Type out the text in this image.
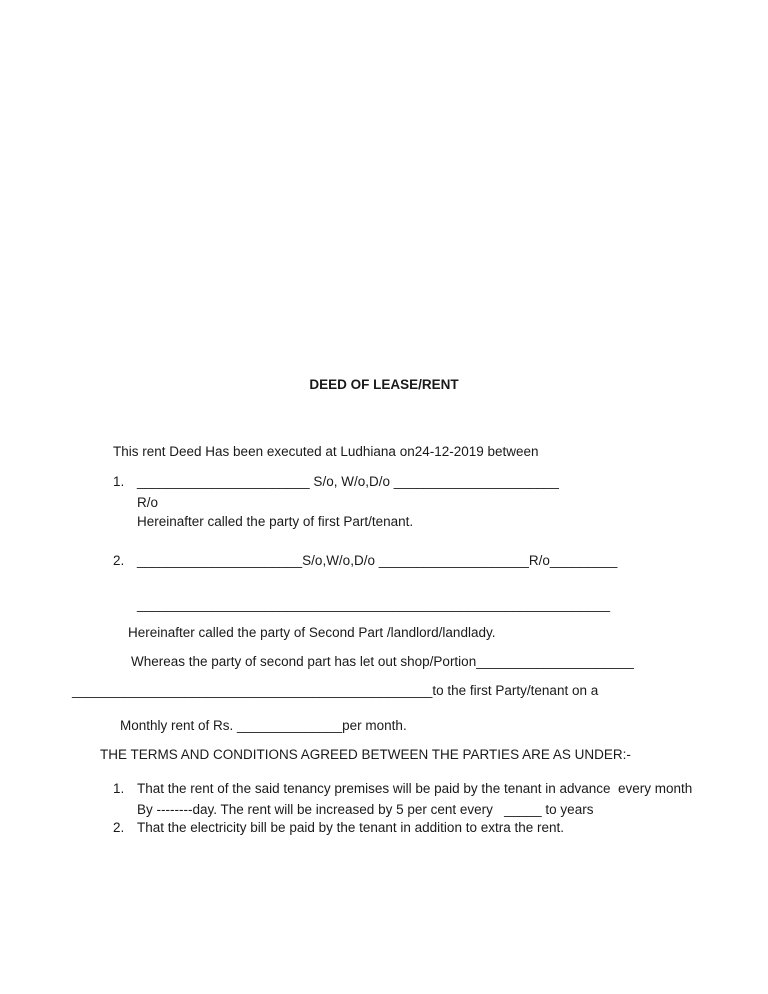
DEED OF LEASE/RENT
This rent Deed Has been executed at Ludhiana on24-12-2019 between

1.

_______________________ S/o, W/o,D/o ______________________

R/o
Hereinafter called the party of first Part/tenant.

2.

______________________S/o,W/o,D/o ____________________R/o_________

_______________________________________________________________
Hereinafter called the party of Second Part /landlord/landlady.
Whereas the party of second part has let out shop/Portion_____________________
________________________________________________to the first Party/tenant on a
Monthly rent of Rs. ______________per month.
THE TERMS AND CONDITIONS AGREED BETWEEN THE PARTIES ARE AS UNDER:-

1.

That the rent of the said tenancy premises will be paid by the tenant in advance  every month

By --------day. The rent will be increased by 5 per cent every   _____ to years

2.

That the electricity bill be paid by the tenant in addition to extra the rent.
